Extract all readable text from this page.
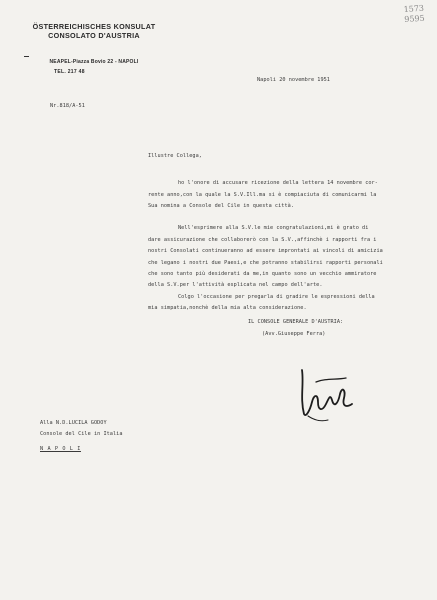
ÖSTERREICHISCHES KONSULAT
CONSOLATO D'AUSTRIA
NEAPEL-Piazza Bovio 22 - NAPOLI
TEL. 217 48
1573
9595
Napoli 20 novembre 1951
Nr.818/A-51
Illustre Collega,
ho l'onore di accusare ricezione della lettera 14 novembre cor-
rente anno,con la quale la S.V.Ill.ma si è compiaciuta di comunicarmi la
Sua nomina a Console del Cile in questa città.
Nell'esprimere alla S.V.le mie congratulazioni,mi è grato di
dare assicurazione che collaborerò con la S.V.,affinchè i rapporti fra i
nostri Consolati continueranno ad essere improntati ai vincoli di amicizia
che legano i nostri due Paesi,e che potranno stabilirsi rapporti personali
che sono tanto più desiderati da me,in quanto sono un vecchio ammiratore
della S.V.per l'attività esplicata nel campo dell'arte.
Colgo l'occasione per pregarla di gradire le espressioni della
mia simpatia,nonchè della mia alta considerazione.
IL CONSOLE GENERALE D'AUSTRIA:
(Avv.Giuseppe Ferra)
Alla N.D.LUCILA GODOY
Console del Cile in Italia
N A P O L I
